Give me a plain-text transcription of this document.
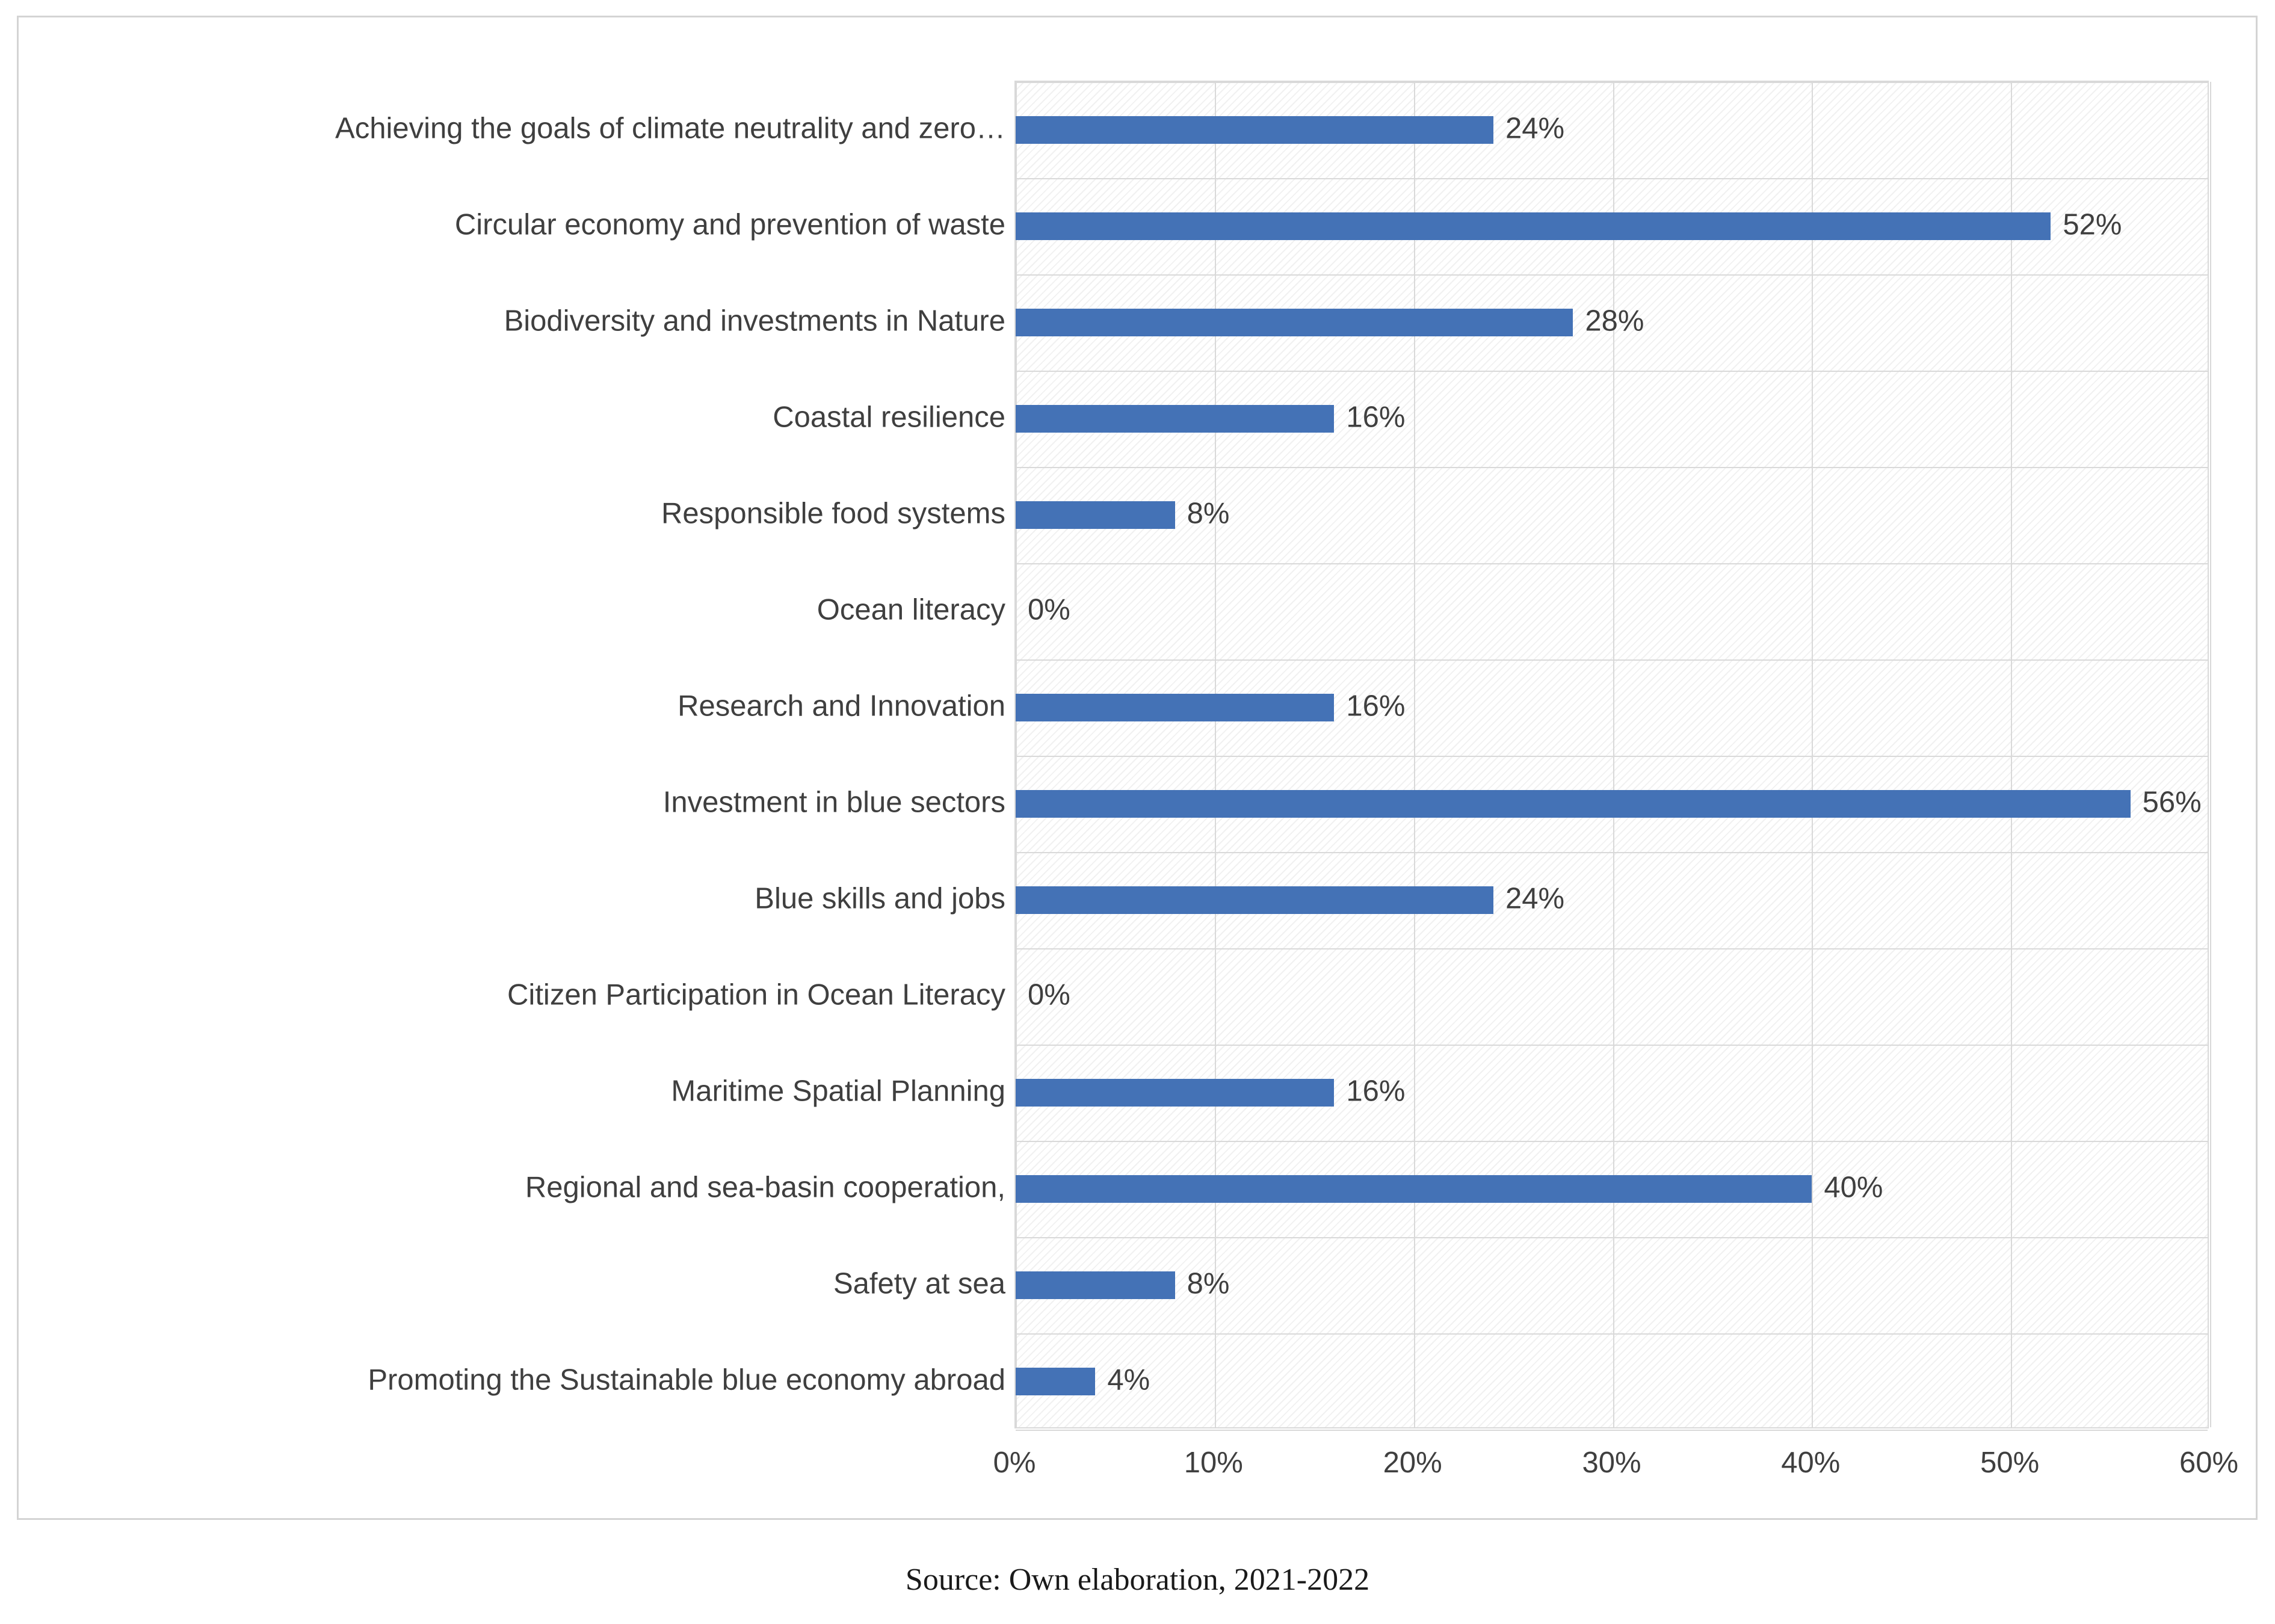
Achieving the goals of climate neutrality and zero…
Circular economy and prevention of waste
Biodiversity and investments in Nature
Coastal resilience
Responsible food systems
Ocean literacy
Research and Innovation
Investment in blue sectors
Blue skills and jobs
Citizen Participation in Ocean Literacy
Maritime Spatial Planning
Regional and sea-basin cooperation,
Safety at sea
Promoting the Sustainable blue economy abroad
24%
52%
28%
16%
8%
0%
16%
56%
24%
0%
16%
40%
8%
4%
0%	10%	20%	30%	40%	50%	60%
Source: Own elaboration, 2021-2022
